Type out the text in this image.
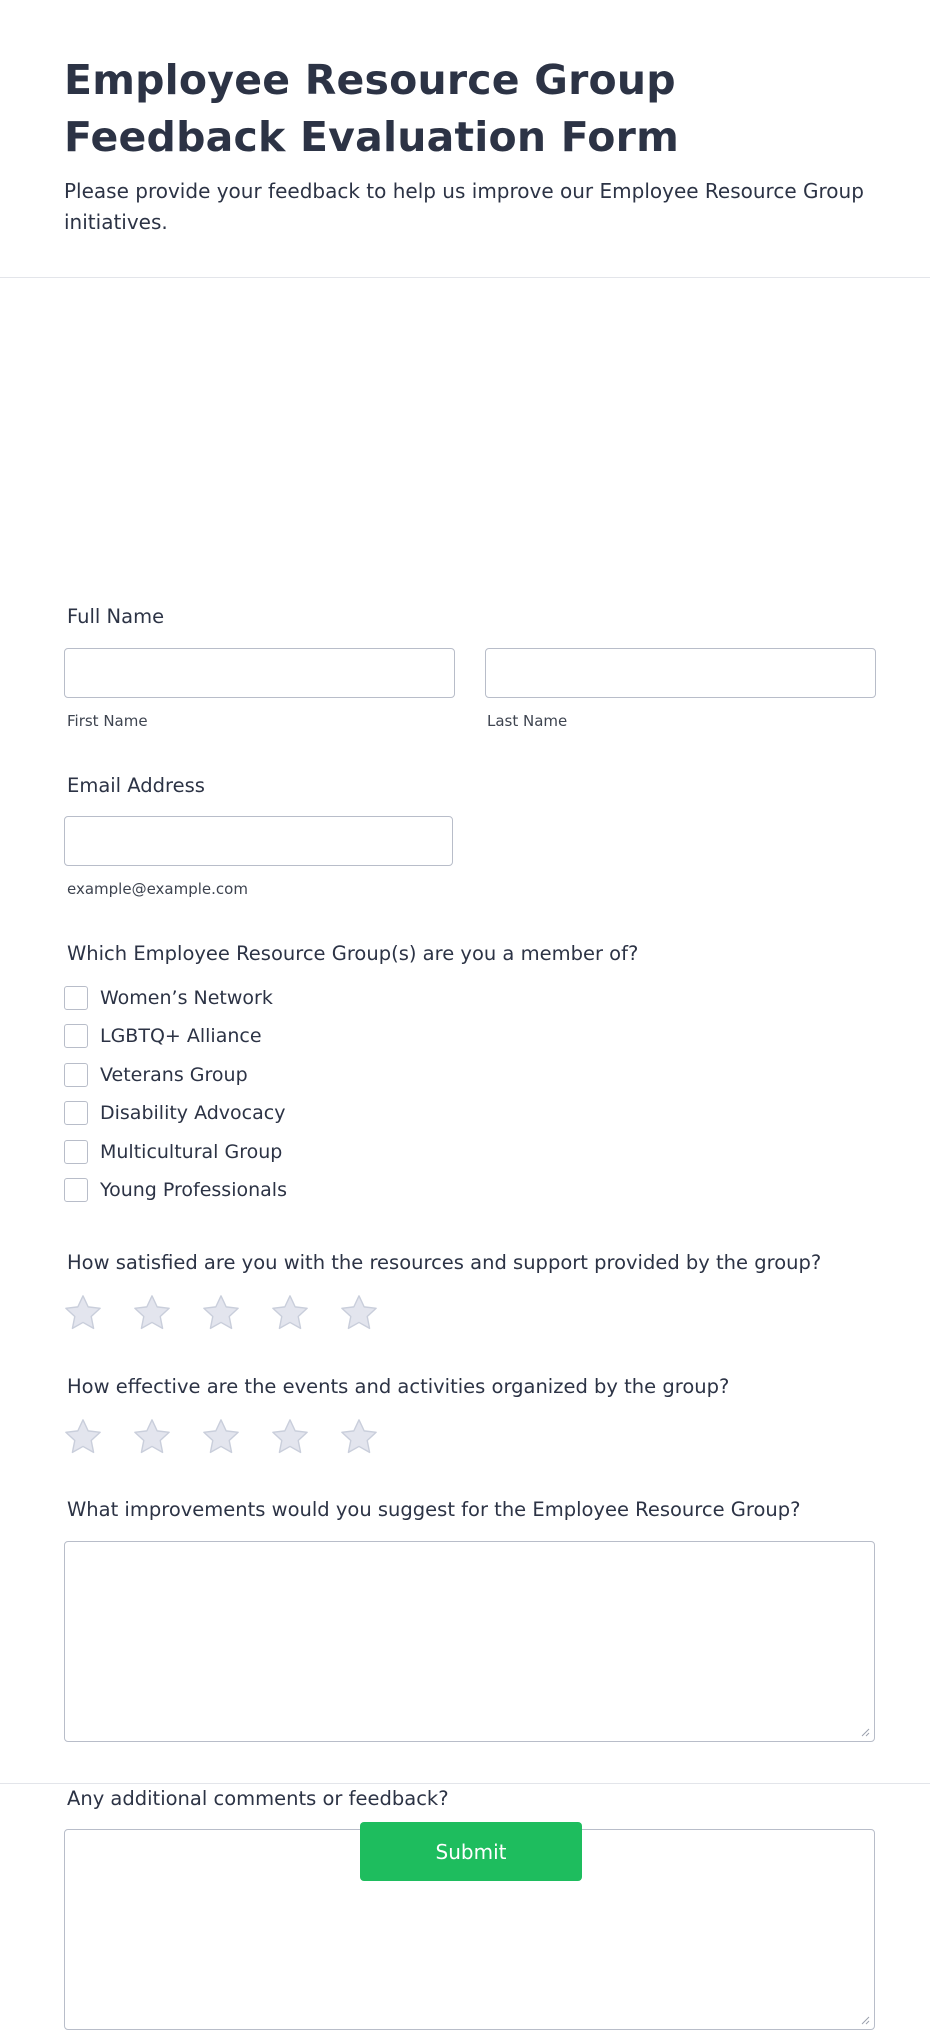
Employee Resource Group Feedback Evaluation Form

Please provide your feedback to help us improve our Employee Resource Group initiatives.

Full Name
First Name	Last Name
Email Address
example@example.com
Which Employee Resource Group(s) are you a member of?
Women’s Network
LGBTQ+ Alliance
Veterans Group
Disability Advocacy
Multicultural Group
Young Professionals
How satisfied are you with the resources and support provided by the group?
How effective are the events and activities organized by the group?
What improvements would you suggest for the Employee Resource Group?
Any additional comments or feedback?
Submit
